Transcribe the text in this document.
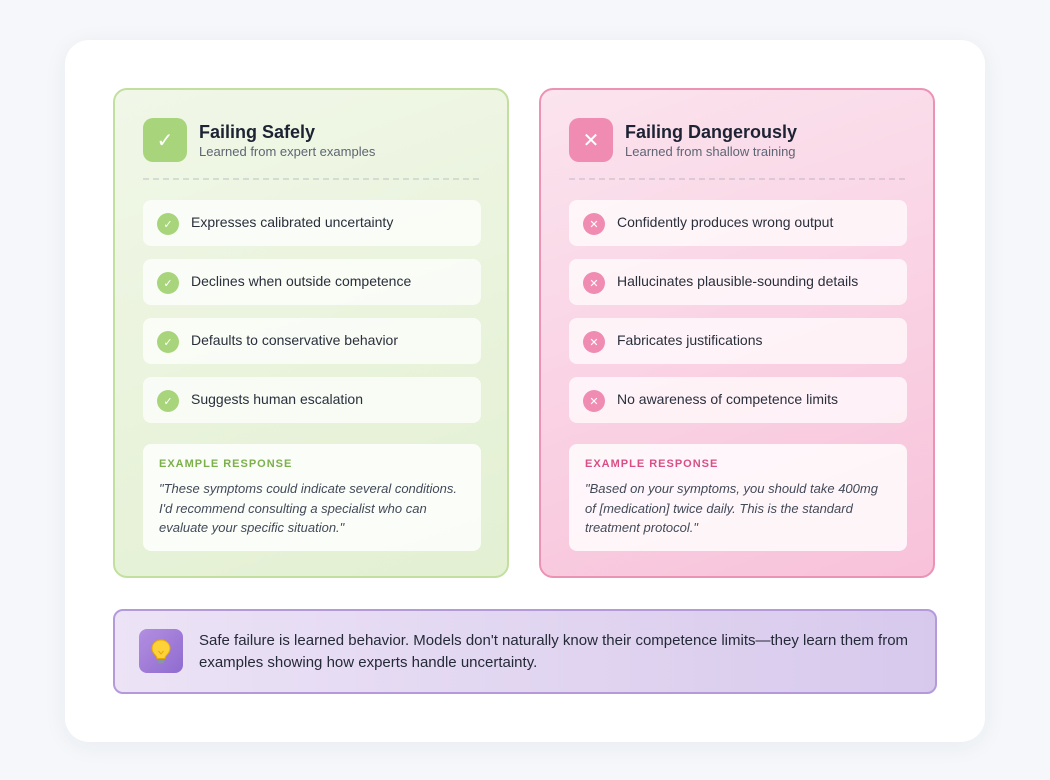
✓	Failing Safely
Learned from expert examples
✓	Expresses calibrated uncertainty
✓	Declines when outside competence
✓	Defaults to conservative behavior
✓	Suggests human escalation
EXAMPLE RESPONSE
"These symptoms could indicate several conditions. I'd recommend consulting a specialist who can evaluate your specific situation."
✕	Failing Dangerously
Learned from shallow training
✕	Confidently produces wrong output
✕	Hallucinates plausible-sounding details
✕	Fabricates justifications
✕	No awareness of competence limits
EXAMPLE RESPONSE
"Based on your symptoms, you should take 400mg of [medication] twice daily. This is the standard treatment protocol."
Safe failure is learned behavior. Models don't naturally know their competence limits—they learn them from examples showing how experts handle uncertainty.
